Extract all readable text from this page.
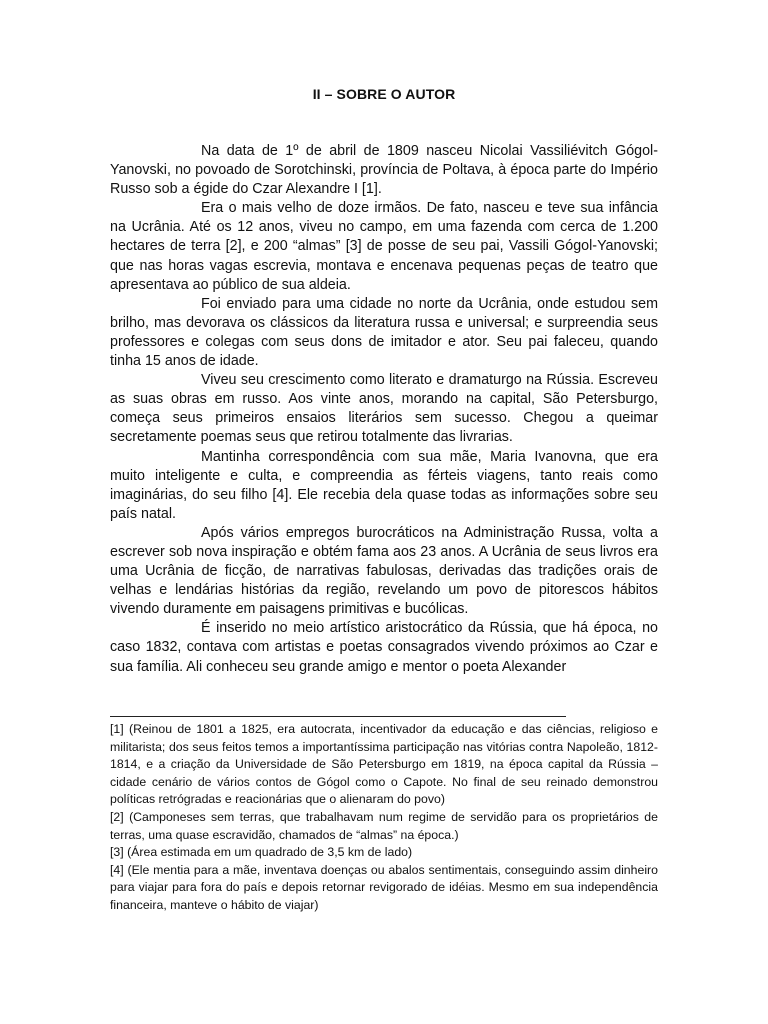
II – SOBRE O AUTOR

Na data de 1º de abril de 1809 nasceu Nicolai Vassiliévitch Gógol-Yanovski, no povoado de Sorotchinski, província de Poltava, à época parte do Império Russo sob a égide do Czar Alexandre I [1].

Era o mais velho de doze irmãos. De fato, nasceu e teve sua infância na Ucrânia. Até os 12 anos, viveu no campo, em uma fazenda com cerca de 1.200 hectares de terra [2], e 200 “almas” [3] de posse de seu pai, Vassili Gógol-Yanovski; que nas horas vagas escrevia, montava e encenava pequenas peças de teatro que apresentava ao público de sua aldeia.

Foi enviado para uma cidade no norte da Ucrânia, onde estudou sem brilho, mas devorava os clássicos da literatura russa e universal; e surpreendia seus professores e colegas com seus dons de imitador e ator. Seu pai faleceu, quando tinha 15 anos de idade.

Viveu seu crescimento como literato e dramaturgo na Rússia. Escreveu as suas obras em russo. Aos vinte anos, morando na capital, São Petersburgo, começa seus primeiros ensaios literários sem sucesso. Chegou a queimar secretamente poemas seus que retirou totalmente das livrarias.

Mantinha correspondência com sua mãe, Maria Ivanovna, que era muito inteligente e culta, e compreendia as férteis viagens, tanto reais como imaginárias, do seu filho [4]. Ele recebia dela quase todas as informações sobre seu país natal.

Após vários empregos burocráticos na Administração Russa, volta a escrever sob nova inspiração e obtém fama aos 23 anos. A Ucrânia de seus livros era uma Ucrânia de ficção, de narrativas fabulosas, derivadas das tradições orais de velhas e lendárias histórias da região, revelando um povo de pitorescos hábitos vivendo duramente em paisagens primitivas e bucólicas.

É inserido no meio artístico aristocrático da Rússia, que há época, no caso 1832, contava com artistas e poetas consagrados vivendo próximos ao Czar e sua família. Ali conheceu seu grande amigo e mentor o poeta Alexander

[1] (Reinou de 1801 a 1825, era autocrata, incentivador da educação e das ciências, religioso e militarista; dos seus feitos temos a importantíssima participação nas vitórias contra Napoleão, 1812-1814, e a criação da Universidade de São Petersburgo em 1819, na época capital da Rússia – cidade cenário de vários contos de Gógol como o Capote. No final de seu reinado demonstrou políticas retrógradas e reacionárias que o alienaram do povo)

[2] (Camponeses sem terras, que trabalhavam num regime de servidão para os proprietários de terras, uma quase escravidão, chamados de “almas” na época.)

[3] (Área estimada em um quadrado de 3,5 km de lado)

[4] (Ele mentia para a mãe, inventava doenças ou abalos sentimentais, conseguindo assim dinheiro para viajar para fora do país e depois retornar revigorado de idéias. Mesmo em sua independência financeira, manteve o hábito de viajar)
